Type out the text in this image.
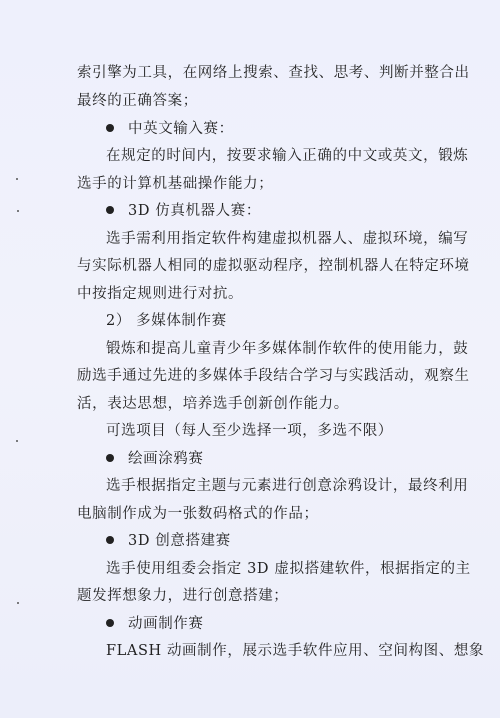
索引擎为工具，在网络上搜索、查找、思考、判断并整合出
最终的正确答案；
中英文输入赛：
在规定的时间内，按要求输入正确的中文或英文，锻炼
选手的计算机基础操作能力；
3D 仿真机器人赛：
选手需利用指定软件构建虚拟机器人、虚拟环境，编写
与实际机器人相同的虚拟驱动程序，控制机器人在特定环境
中按指定规则进行对抗。
2） 多媒体制作赛
锻炼和提高儿童青少年多媒体制作软件的使用能力，鼓
励选手通过先进的多媒体手段结合学习与实践活动，观察生
活，表达思想，培养选手创新创作能力。
可选项目（每人至少选择一项，多选不限）
绘画涂鸦赛
选手根据指定主题与元素进行创意涂鸦设计，最终利用
电脑制作成为一张数码格式的作品；
3D 创意搭建赛
选手使用组委会指定 3D 虚拟搭建软件，根据指定的主
题发挥想象力，进行创意搭建；
动画制作赛
FLASH 动画制作，展示选手软件应用、空间构图、想象
